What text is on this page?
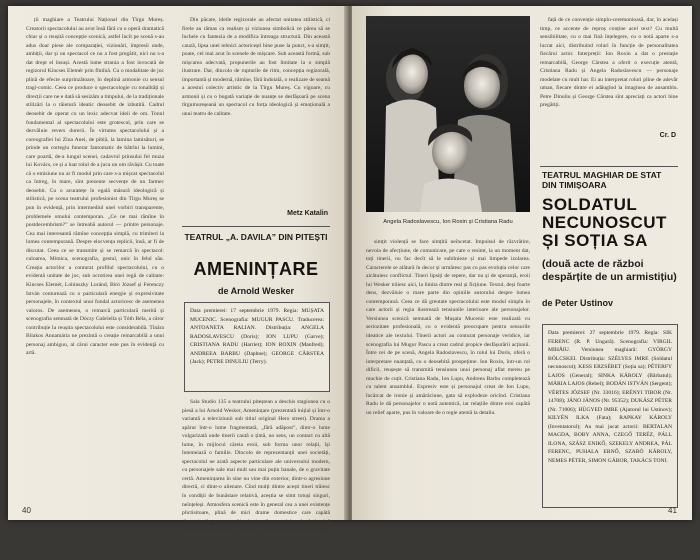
ții maghiare a Teatrului Național din Tîrgu Mureș. Creatorii spectacolului au avut însă fără cu o operă dramatică chiar și o reușită concepție scenică, astfel încît pe scenă s-au adus doar piese ale comparației, vizionări, impresii unde, ambiții, dar și un spectacol ce nu a fost pregătit, nici nu s-a dat drept el însuși. Acestă lume strania a fost invocată de regizorul Kincses Elemér prin fîntînă. Cu o modalitate de joc plină de efecte surprinzătoare, în deplină armonie cu sensul tragi-comic. Ceea ce produce o spectacologie cu tonalități și direcții care ne e dată să sesizăm a timpului, de la tradiționale stilizări la o tăietură ideatic deosebit de izbutită. Cadrul deosebit de operat cu un lexic adecvat ideii de om. Tonul fundamental al spectacolului este grotescul, prin care se dezvăluie revers durerii. În virtutea spectacolului și a coreografiei lui Zina Anei, de piblă, la lamina lamisături, se prinde un cortegiu funerar fantomatic de bătrîni la lumini, care poartă, de-a lungul scenei, cadavrul prinsului fel muza lui Kovács, ce și a luat rolul de a juca un om răvășit. Cu toate că o emisiune nu ar fi modul prin care s-a mișcat spectacolul ca întreg, în mare, sînt prezente secvențe de un farmec deosebit. Cu o acuratețe în egală măsură ideologică și stilistică, pe scena teatrului profesionist din Tîrgu Mureș se pun în evidență, prin intermediul unei vorbiri transparente, problemele omului contemporan. „Ce ne mai rămîne în postdecembrism?” se întreabă autorul — printre personaje. Cea mai interesantă rămîne concepția simplă, cu trimiteri la lumea contemporană. Despre elocvența replicii, însă, ar fi de discutat. Ceea ce se transmite și se remarcă în spectacol: culoarea, Mimica, scenografia, gestul, unic în felul său. Creația actorilor a conturat profilul spectacolului, cu o evidentă unitate de joc, sub ocrotirea unei regii de calitate: Kincses Elemér, Lohinszky Loránd, Bíró József și Ferenczy István conturează cu o particulară energie și expresivitate personajele, în contextul unui fundal actoricesc de asemenea valoros. De asemenea, o remarcă particulară merită și scenografia semnată de Dóczy Gabriella și Tóth Béla, a căror contribuție la reușita spectacolului este considerabilă. Tînăra Bilakos Annamária ne prezintă o creație remarcabilă a unui personaj ambiguu, al cărui caracter este pus în evidență cu artă.

Din păcate, ideile regizorale au afectat unitatea stilistică, ci firele au rămas ca realism și viziunea simbolică ce părea să se încheie cu fantezia de a modifica întreaga structură. Din această cauză, lipsa unei tehnici actoricești bine puse la punct, s-a simțit, poate, cel mai acut în scenele de mișcare. Sub această formă, sub mișcarea adecvată, propunerile au fost limitate la o simplă ilustrare. Dar, dincolo de rupturile de ritm, concepția regizorală, importantă și modernă, rămîne, fără îndoială, o realizare de seamă a acestui colectiv artistic de la Tîrgu Mureș. Cu vigoare, cu armonii și cu o bogată variație de nuanțe se desfășoară pe scena tîrgumureșeană un spectacol cu forța ideologică și emoțională a unui teatru de calitate.

Metz Katalin
TEATRUL „A. DAVILA” DIN PITEȘTI
AMENINȚARE
de Arnold Wesker
Data premierei: 17 septembrie 1979. Regia: MUȘATA MUCENIC. Scenografia: MUGUR PASCU. Traducerea: ANTOANETA RALIAN. Distribuția: ANGELA RADOSLAVESCU (Doris); ION LUPU (Garve); CRISTIANA RADU (Harriet); ION ROXIN (Manfred); ANDREEA BARBU (Daphne); GEORGE CÂRSTEA (Jack); PETRE DINULIU (Terry).

Sala Studio 135 a teatrului piteștean a deschis stagiunea cu o piesă a lui Arnold Wesker, Amenințare (prezentată inițial și într-o variantă a televiziunii sub titlul original Hero street). Drama a apărut într-o lume fragmentată, „fără adăpost”, dintr-o lume vulgarizată unde tinerii caută o țintă, un sens, un contact cu altă lume, în mijlocul căreia eroii, sub forma unor relații, își întemeiază o familie. Dincolo de reprezentanții unei societăți, spectacolul ne arată aspecte particulare ale universului modern, cu personajele sale mai mult sau mai puțin banale, de o gravitate certă. Amenințarea în sine nu vine din exterior, dintr-o agresiune directă, ci dintr-o alienare. Cînd mulți dintre acești tineri trăiesc în condiții de bunăstare relativă, aceștia se simt totuși singuri, neînțeleși. Atmosfera scenică este în general cea a unei existențe plictisitoare, plină de mici drame domestice care capătă dimensiunile unor tragedii colective. Spectacolul a adus în lumină problemele tineretului occidental, neînțelegerea dintre generații, lipsa unui țel, dar și dorința de a evada din această rutină. Regia a încercat să păstreze un echilibru între realismul textului și simbolismul situațiilor.

40
Angela Radoslavescu, Ion Roxin și Cristiana Radu

față de ce convenție simplu-ceremonioasă, dar, în același timp, ce accente de reproș conține acel text? Cu multă sensibilitate, cu o mai fină înțelegere, cu o notă aparte s-a lucrat aici, distribuind roluri în funcție de personalitatea fiecărui actor. Interpreții: Ion Roxin a dat o prestație remarcabilă, George Cârstea a oferit o execuție atentă, Cristiana Radu și Angela Radoslavescu — personaje modelate cu mult har. Ei au interpretat roluri pline de adevăr uman, fiecare dintre ei adăugînd la imaginea de ansamblu. Petre Dinuliu și George Cârstea sînt apreciați ca actori bine pregătiți.

Cr. D
TEATRUL MAGHIAR DE STAT DIN TIMIȘOARA
SOLDATUL
NECUNOSCUT
ȘI SOȚIA SA
(două acte de război despărțite de un armistițiu)
de Peter Ustinov
Data premierei: 27 septembrie 1979. Regia: SIK FERENC (R. P. Ungară). Scenografia: VIRGIL MIHĂIU. Versiunea maghiară: GYÖRGY BÖLCSKEI. Distribuția: SZÉLYES IMRE (Soldatul necunoscut); KESS ERZSÉBET (Soția sa); PÉTERFY LAJOS (General); SINKA KÁROLY (Bărbatul); MÁRIA LAJOS (Rebel); BODÁN ISTVÁN (Sergent); VÉRTES JÓZSEF (Nr. 33016); ERÉNYI TIBOR (Nr. 14708); JÁNO JÁNOS (Nr. 95352); DUKÁSZ PÉTER (Nr. 71006); HÜGYED IMRE (Ajutorul lui Ustinov); KILYÉN ILKA (Fata); RAPKAY KÁROLY (Inventatorul); Au mai jucat actorii: BERTALAN MAGDA, BOBY ANNA, CZEGŐ TERÉZ, PÁLL ILONA, SZÁSZ ENIKŐ, SZEKELY ANDREA, PÁL FERENC, PUHALA ERNŐ, SZABÓ KÁROLY, NEMES PÉTER, SIMON GÁBOR, TAKÁCS TONI.

simțit violență se face simțită neîncetat. Impulsul de răzvrătire, nevoia de afecțiune, de comunicare, pe care o resimt, la un moment dat, toți tinerii, nu fac decît să le sublinieze și mai limpede izolarea. Caracterele se alătură în decor și urmăresc pas cu pas evoluția celor care alcătuiesc conflictul. Tineri lipsiți de repere, dar nu și de speranță, eroii lui Wesker trăiesc aici, la limita dintre real și ficțiune. Textul, deși foarte dens, dezvăluie o mare parte din opiniile autorului despre lumea contemporană. Ceea ce dă greutate spectacolului este modul simplu în care actorii și regia ilustrează tensiunile interioare ale personajelor. Versiunea scenică semnată de Mușata Mucenic este realizată cu seriozitate profesională, cu o evidentă preocupare pentru sensurile ideatice ale textului. Tinerii actori au conturat personaje veridice, iar scenografia lui Mugur Pascu a creat cadrul propice desfășurării acțiunii. Între cei de pe scenă, Angela Radoslavescu, în rolul lui Doris, oferă o interpretare nuanțată, cu o deosebită prospețime. Ion Roxin, într-un rol dificil, reușește să transmită tensiunea unui personaj aflat mereu pe muchie de cuțit. Cristiana Radu, Ion Lupu, Andreea Barbu completează cu talent ansamblul. Expresiv este și personajul creat de Ion Lupu, încărcat de ironie și amărăciune, gata să explodeze oricînd. Cristiana Radu le dă personajelor o notă autentică, iar relațiile dintre eroi capătă un relief aparte, pus în valoare de o regie atentă la detaliu.

41
